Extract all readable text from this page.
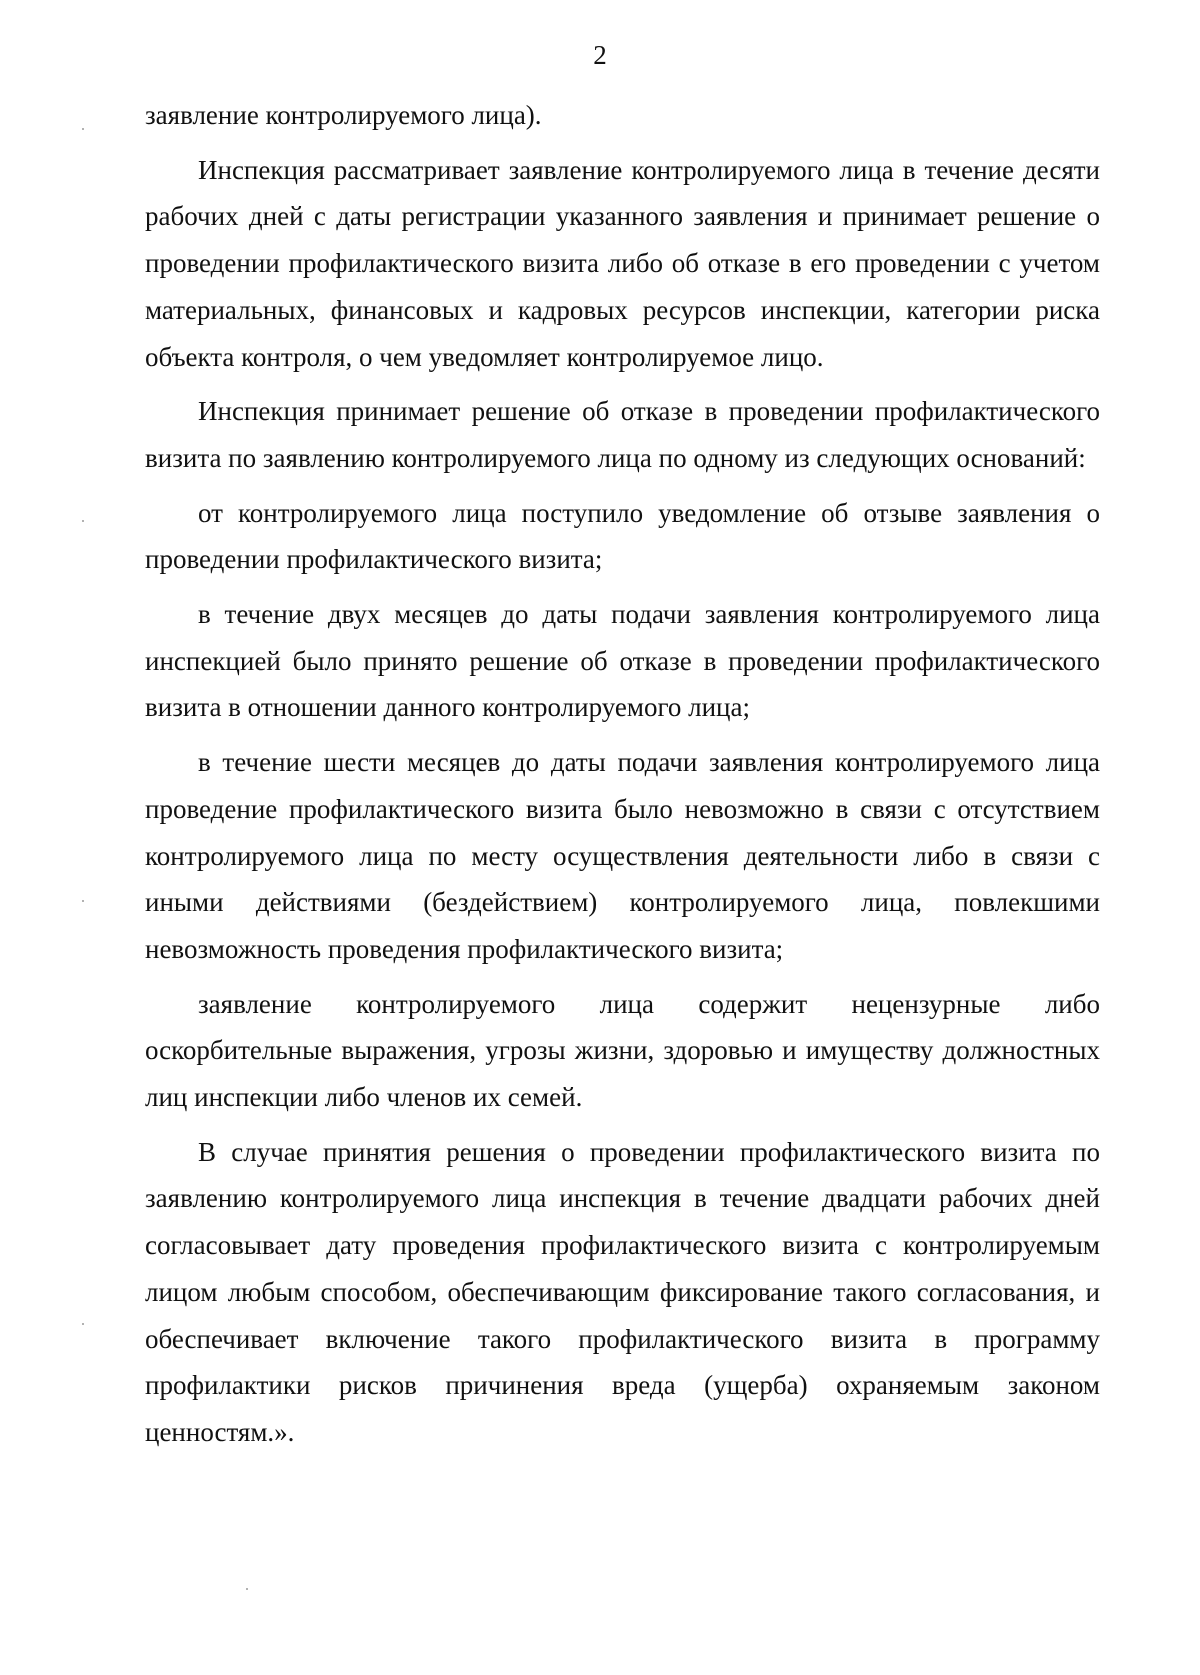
2

заявление контролируемого лица).

Инспекция рассматривает заявление контролируемого лица в течение десяти рабочих дней с даты регистрации указанного заявления и принимает решение о проведении профилактического визита либо об отказе в его проведении с учетом материальных, финансовых и кадровых ресурсов инспекции, категории риска объекта контроля, о чем уведомляет контролируемое лицо.

Инспекция принимает решение об отказе в проведении профилактического визита по заявлению контролируемого лица по одному из следующих оснований:

от контролируемого лица поступило уведомление об отзыве заявления о проведении профилактического визита;

в течение двух месяцев до даты подачи заявления контролируемого лица инспекцией было принято решение об отказе в проведении профилактического визита в отношении данного контролируемого лица;

в течение шести месяцев до даты подачи заявления контролируемого лица проведение профилактического визита было невозможно в связи с отсутствием контролируемого лица по месту осуществления деятельности либо в связи с иными действиями (бездействием) контролируемого лица, повлекшими невозможность проведения профилактического визита;

заявление контролируемого лица содержит нецензурные либо оскорбительные выражения, угрозы жизни, здоровью и имуществу должностных лиц инспекции либо членов их семей.

В случае принятия решения о проведении профилактического визита по заявлению контролируемого лица инспекция в течение двадцати рабочих дней согласовывает дату проведения профилактического визита с контролируемым лицом любым способом, обеспечивающим фиксирование такого согласования, и обеспечивает включение такого профилактического визита в программу профилактики рисков причинения вреда (ущерба) охраняемым законом ценностям.».
